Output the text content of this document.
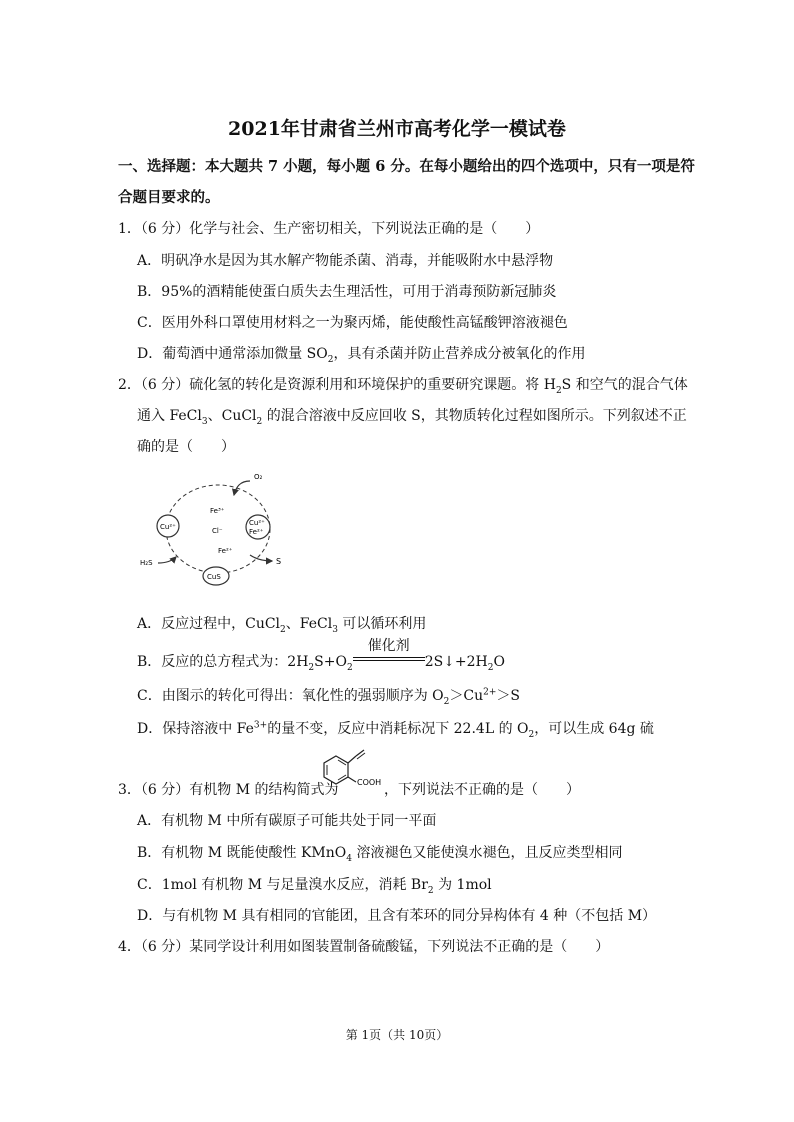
2021年甘肃省兰州市高考化学一模试卷
一、选择题：本大题共 7 小题，每小题 6 分。在每小题给出的四个选项中，只有一项是符
合题目要求的。
1．（6 分）化学与社会、生产密切相关，下列说法正确的是（　　）
A．明矾净水是因为其水解产物能杀菌、消毒，并能吸附水中悬浮物
B．95%的酒精能使蛋白质失去生理活性，可用于消毒预防新冠肺炎
C．医用外科口罩使用材料之一为聚丙烯，能使酸性高锰酸钾溶液褪色
D．葡萄酒中通常添加微量 $SO_2$，具有杀菌并防止营养成分被氧化的作用
2．（6 分）硫化氢的转化是资源利用和环境保护的重要研究课题。将 $H_2S$ 和空气的混合气体
通入 FeCl$_3$、CuCl$_2$ 的混合溶液中反应回收 S，其物质转化过程如图所示。下列叙述不正
确的是（　　）
O₂
Fe³⁺
Cl⁻
Fe²⁺
Cu²⁺	Cu²⁺
Fe²⁺
H₂S	S
CuS
A．反应过程中，CuCl$_2$、FeCl$_3$ 可以循环利用
B．反应的总方程式为：$2H_2S+O_2$
催化剂
$2S↓+2H_2O$
C．由图示的转化可得出：氧化性的强弱顺序为 $O_2>Cu^{2+}>S$
D．保持溶液中 $Fe^{3+}$的量不变，反应中消耗标况下 22.4L 的 $O_2$，可以生成 64g 硫
3．（6 分）有机物 M 的结构简式为 COOH ，下列说法不正确的是（　　）
A．有机物 M 中所有碳原子可能共处于同一平面
B．有机物 M 既能使酸性 KMnO$_4$ 溶液褪色又能使溴水褪色，且反应类型相同
C．1mol 有机物 M 与足量溴水反应，消耗 $Br_2$ 为 1mol
D．与有机物 M 具有相同的官能团，且含有苯环的同分异构体有 4 种（不包括 M）
4．（6 分）某同学设计利用如图装置制备硫酸锰，下列说法不正确的是（　　）
第 1页（共 10页）
